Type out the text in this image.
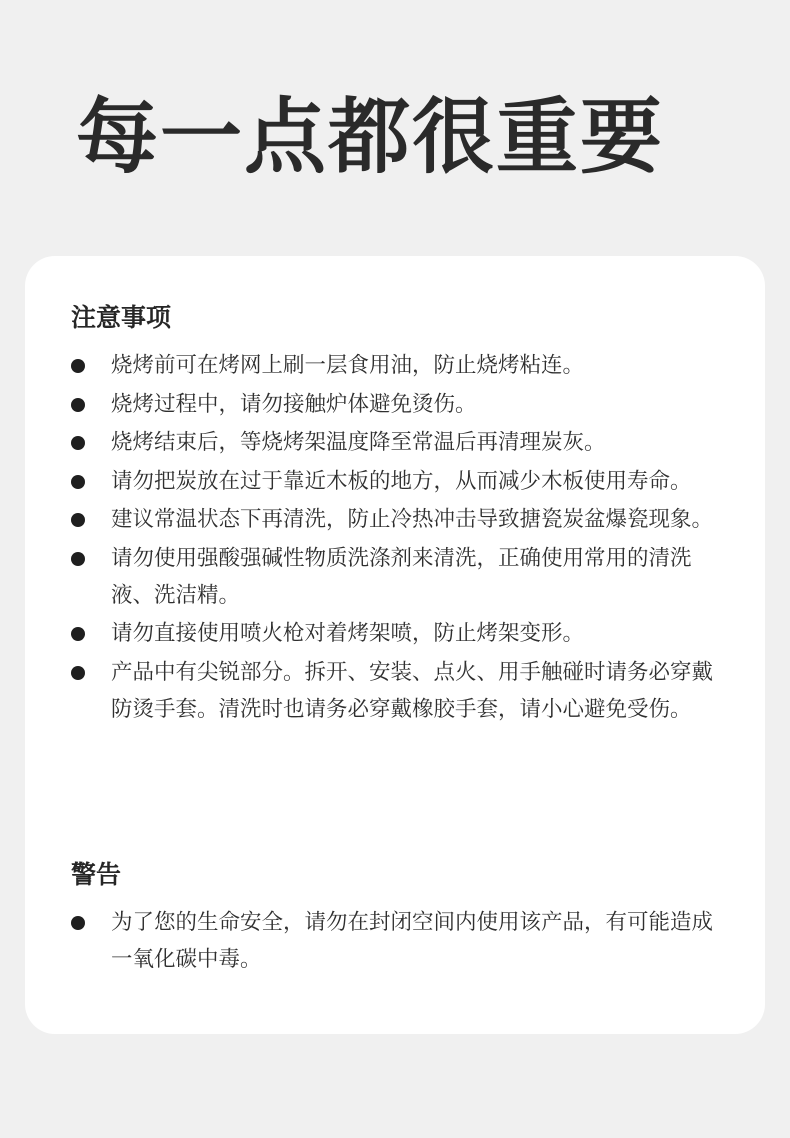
每一点都很重要
注意事项
烧烤前可在烤网上刷一层食用油，防止烧烤粘连。
烧烤过程中，请勿接触炉体避免烫伤。
烧烤结束后，等烧烤架温度降至常温后再清理炭灰。
请勿把炭放在过于靠近木板的地方，从而减少木板使用寿命。
建议常温状态下再清洗，防止冷热冲击导致搪瓷炭盆爆瓷现象。
请勿使用强酸强碱性物质洗涤剂来清洗，正确使用常用的清洗液、洗洁精。
请勿直接使用喷火枪对着烤架喷，防止烤架变形。
产品中有尖锐部分。拆开、安装、点火、用手触碰时请务必穿戴防烫手套。清洗时也请务必穿戴橡胶手套，请小心避免受伤。
警告
为了您的生命安全，请勿在封闭空间内使用该产品，有可能造成一氧化碳中毒。
